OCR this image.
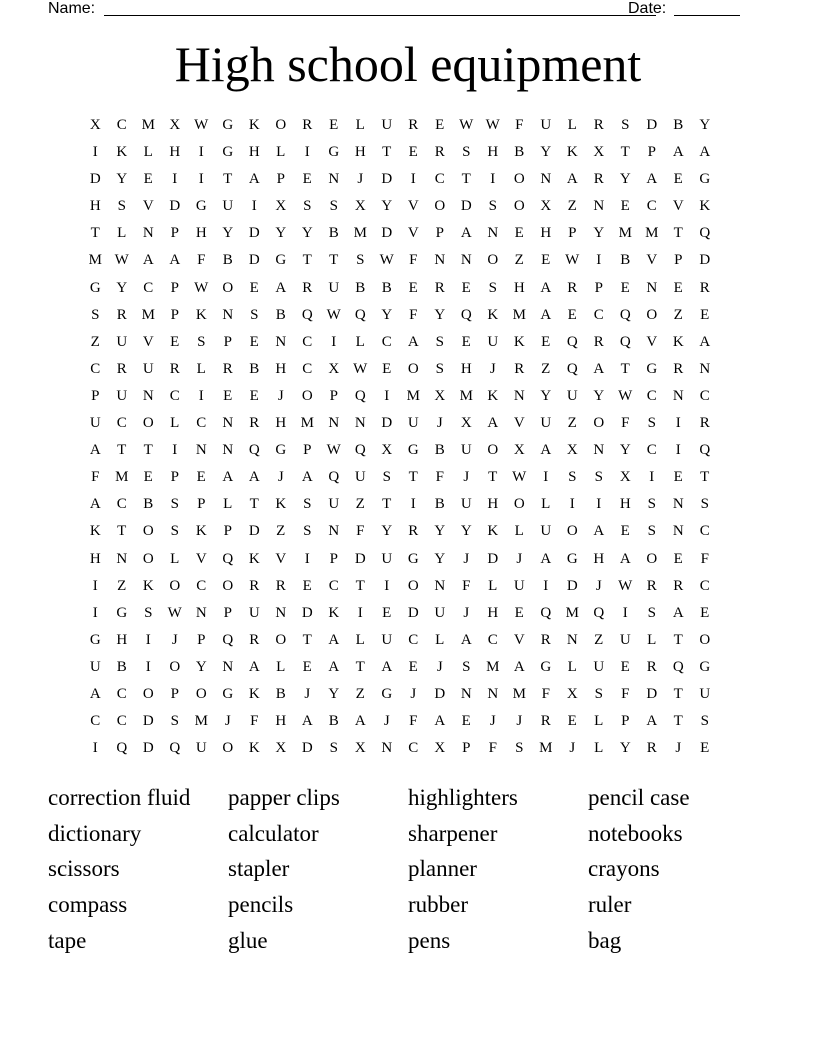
Name:	Date:
High school equipment
X	C M X W G	K	O	R	E	L	U	R	E W W	F	U	L	R	S	D	B	Y
I	K	L	H	I	G	H	L	I	G	H	T	E	R	S	H	B	Y	K	X	T	P	A	A
D	Y	E	I	I	T	A	P	E	N	J	D	I	C	T	I	O	N	A	R	Y	A	E	G
H	S	V	D	G	U	I	X	S	S	X	Y	V	O	D	S	O	X	Z	N	E	C	V	K
T	L	N	P	H	Y	D	Y	Y	B M D	V	P	A	N	E	H	P	Y M M	T	Q
M W A	A	F	B	D	G	T	T	S	W	F	N	N	O	Z	E W	I	B	V	P	D
G	Y	C	P	W O	E	A	R	U	B	B	E	R	E	S	H	A	R	P	E	N	E	R
S	R M	P	K	N	S	B	Q W Q	Y	F	Y	Q	K M A	E	C	Q	O	Z	E
Z	U	V	E	S	P	E	N	C	I	L	C	A	S	E	U	K	E	Q	R	Q	V	K	A
C	R	U	R	L	R	B	H	C	X W E	O	S	H	J	R	Z	Q	A	T	G	R	N
P	U	N	C	I	E	E	J	O	P	Q	I	M X M K	N	Y	U	Y W C	N	C
U	C	O	L	C	N	R	H M N	N	D	U	J	X	A	V	U	Z	O	F	S	I	R
A	T	T	I	N	N	Q	G	P	W Q	X	G	B	U	O	X	A	X	N	Y	C	I	Q
F	M	E	P	E	A	A	J	A	Q	U	S	T	F	J	T W	I	S	S	X	I	E	T
A	C	B	S	P	L	T	K	S	U	Z	T	I	B	U	H	O	L	I	I	H	S	N	S
K	T	O	S	K	P	D	Z	S	N	F	Y	R	Y	Y	K	L	U	O	A	E	S	N	C
H	N	O	L	V	Q	K	V	I	P	D	U	G	Y	J	D	J	A	G	H	A	O	E	F
I	Z	K	O	C	O	R	R	E	C	T	I	O	N	F	L	U	I	D	J	W R	R	C
I	G	S	W N	P	U	N	D	K	I	E	D	U	J	H	E	Q M Q	I	S	A	E
G	H	I	J	P	Q	R	O	T	A	L	U	C	L	A	C	V	R	N	Z	U	L	T	O
U	B	I	O	Y	N	A	L	E	A	T	A	E	J	S	M A	G	L	U	E	R	Q	G
A	C	O	P	O	G	K	B	J	Y	Z	G	J	D	N	N M	F	X	S	F	D	T	U
C	C	D	S	M	J	F	H	A	B	A	J	F	A	E	J	J	R	E	L	P	A	T	S
I	Q	D	Q	U	O	K	X	D	S	X	N	C	X	P	F	S	M	J	L	Y	R	J	E
correction fluid	papper clips	highlighters	pencil case
dictionary	calculator	sharpener	notebooks
scissors	stapler	planner	crayons
compass	pencils	rubber	ruler
tape	glue	pens	bag
